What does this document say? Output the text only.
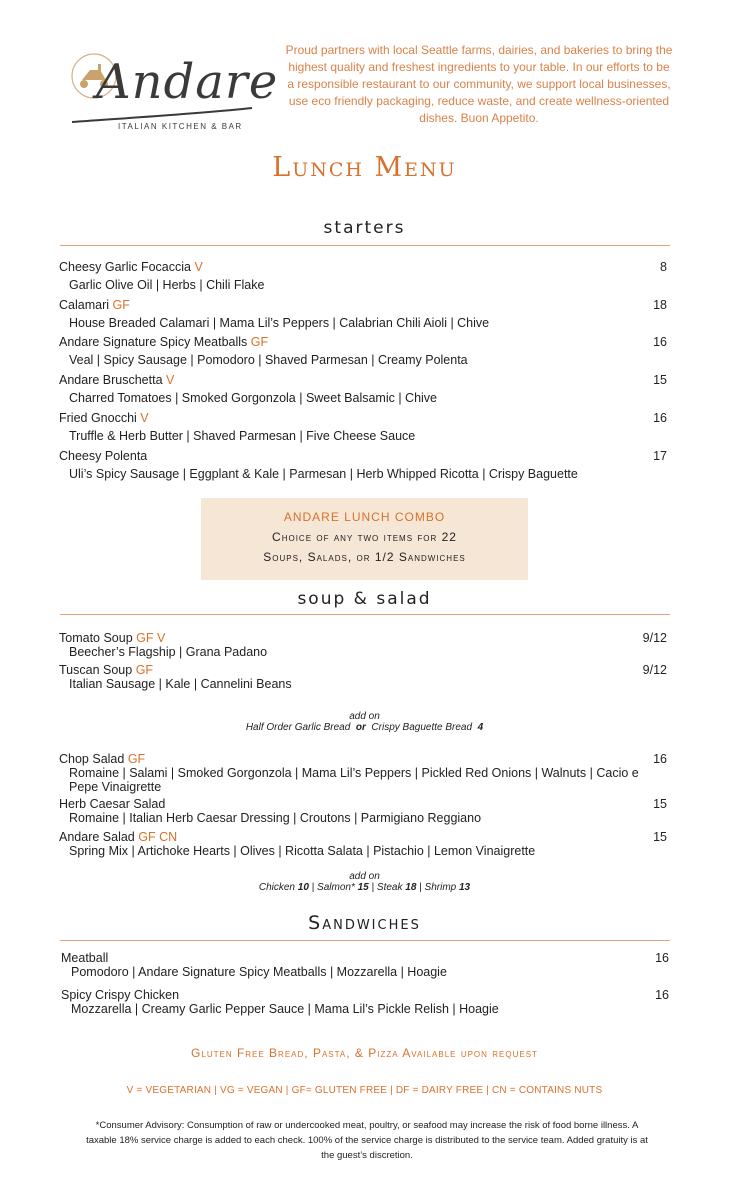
Andare
ITALIAN KITCHEN & BAR
Proud partners with local Seattle farms, dairies, and bakeries to bring the highest quality and freshest ingredients to your table. In our efforts to be a responsible restaurant to our community, we support local businesses, use eco friendly packaging, reduce waste, and create wellness-oriented dishes. Buon Appetito.
Lunch Menu
starters
Cheesy Garlic Focaccia V
Garlic Olive Oil | Herbs | Chili Flake
8
Calamari GF
House Breaded Calamari | Mama Lil’s Peppers | Calabrian Chili Aioli | Chive
18
Andare Signature Spicy Meatballs GF
Veal | Spicy Sausage | Pomodoro | Shaved Parmesan | Creamy Polenta
16
Andare Bruschetta V
Charred Tomatoes | Smoked Gorgonzola | Sweet Balsamic | Chive
15
Fried Gnocchi V
Truffle & Herb Butter | Shaved Parmesan | Five Cheese Sauce
16
Cheesy Polenta
Uli’s Spicy Sausage | Eggplant & Kale | Parmesan | Herb Whipped Ricotta | Crispy Baguette
17
ANDARE LUNCH COMBO
Choice of any two items for 22
Soups, Salads, or 1/2 Sandwiches
soup & salad
Tomato Soup GF V
Beecher’s Flagship | Grana Padano
9/12
Tuscan Soup GF
Italian Sausage | Kale | Cannelini Beans
9/12
add on
Half Order Garlic Bread or Crispy Baguette Bread 4
Chop Salad GF
Romaine | Salami | Smoked Gorgonzola | Mama Lil’s Peppers | Pickled Red Onions | Walnuts | Cacio e Pepe Vinaigrette
16
Herb Caesar Salad
Romaine | Italian Herb Caesar Dressing | Croutons | Parmigiano Reggiano
15
Andare Salad GF CN
Spring Mix | Artichoke Hearts | Olives | Ricotta Salata | Pistachio | Lemon Vinaigrette
15
add on
Chicken 10 | Salmon* 15 | Steak 18 | Shrimp 13
Sandwiches
Meatball
Pomodoro | Andare Signature Spicy Meatballs | Mozzarella | Hoagie
16
Spicy Crispy Chicken
Mozzarella | Creamy Garlic Pepper Sauce | Mama Lil’s Pickle Relish | Hoagie
16
Gluten Free Bread, Pasta, & Pizza Available upon request
V = VEGETARIAN | VG = VEGAN | GF= GLUTEN FREE | DF = DAIRY FREE | CN = CONTAINS NUTS
*Consumer Advisory: Consumption of raw or undercooked meat, poultry, or seafood may increase the risk of food borne illness. A taxable 18% service charge is added to each check. 100% of the service charge is distributed to the service team. Added gratuity is at the guest’s discretion.
